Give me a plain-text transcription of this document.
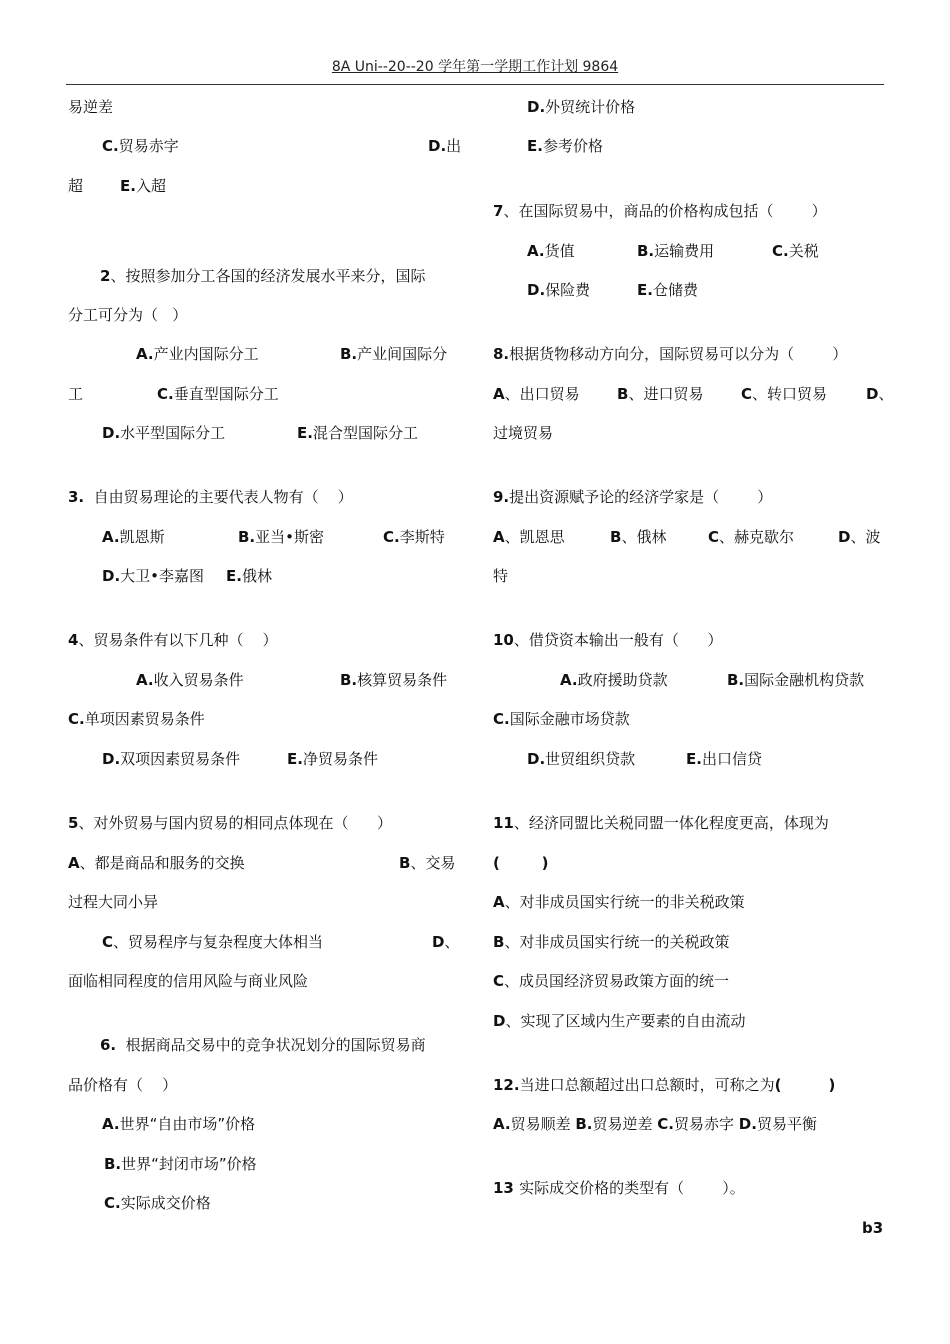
8A Uni--20--20 学年第一学期工作计划 9864
易逆差
C.贸易赤字	D.出
超 E.入超
2、按照参加分工各国的经济发展水平来分，国际
分工可分为（   ）
A.产业内国际分工	B.产业间国际分
工	C.垂直型国际分工
D.水平型国际分工	E.混合型国际分工
3.  自由贸易理论的主要代表人物有（    ）
A.凯恩斯	B.亚当•斯密	C.李斯特
D.大卫•李嘉图 E.俄林
4、贸易条件有以下几种（    ）
A.收入贸易条件	B.核算贸易条件
C.单项因素贸易条件
D.双项因素贸易条件	E.净贸易条件
5、对外贸易与国内贸易的相同点体现在（      ）
A、都是商品和服务的交换	B、交易
过程大同小异
C、贸易程序与复杂程度大体相当	D、
面临相同程度的信用风险与商业风险
6.  根据商品交易中的竞争状况划分的国际贸易商
品价格有（    ）
A.世界“自由市场”价格
B.世界“封闭市场”价格
C.实际成交价格
D.外贸统计价格
E.参考价格
7、在国际贸易中，商品的价格构成包括（        ）
A.货值	B.运输费用	C.关税
D.保险费	E.仓储费
8.根据货物移动方向分，国际贸易可以分为（        ）
A、出口贸易 B、进口贸易	C、转口贸易	D、
过境贸易
9.提出资源赋予论的经济学家是（        ）
A、凯恩思	B、俄林	C、赫克歇尔	D、波
特
10、借贷资本输出一般有（      ）
A.政府援助贷款	B.国际金融机构贷款
C.国际金融市场贷款
D.世贸组织贷款	E.出口信贷
11、经济同盟比关税同盟一体化程度更高，体现为
(        )
A、对非成员国实行统一的非关税政策
B、对非成员国实行统一的关税政策
C、成员国经济贸易政策方面的统一
D、实现了区域内生产要素的自由流动
12.当进口总额超过出口总额时，可称之为(         )
A.贸易顺差 B.贸易逆差 C.贸易赤字 D.贸易平衡
13 实际成交价格的类型有（        ）。
b3
